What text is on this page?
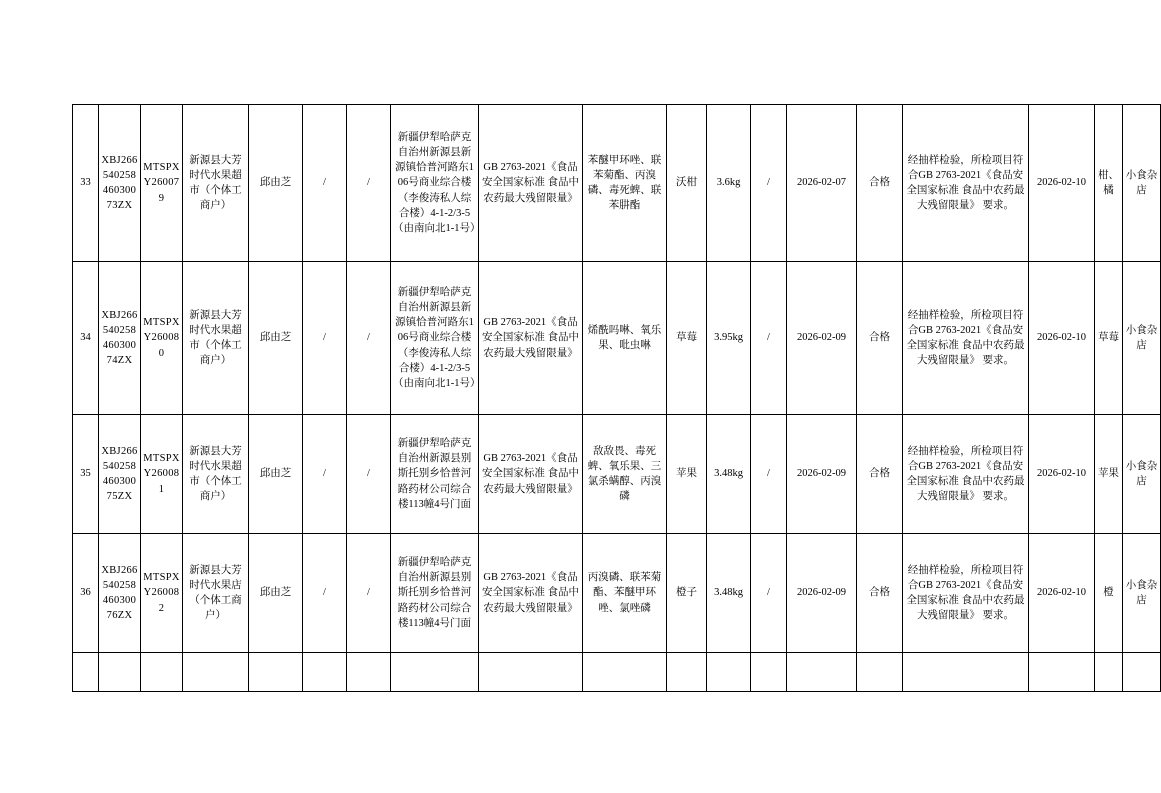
33	XBJ26654025846030073ZX	MTSPXY260079	新源县大芳时代水果超市（个体工商户）	邱由芝	/	/	新疆伊犁哈萨克自治州新源县新源镇恰普河路东106号商业综合楼（李俊涛私人综合楼）4-1-2/3-5（由南向北1-1号）	GB 2763-2021《食品安全国家标准 食品中农药最大残留限量》	苯醚甲环唑、联苯菊酯、丙溴磷、毒死蜱、联苯肼酯	沃柑	3.6kg	/	2026-02-07	合格	经抽样检验，所检项目符合GB 2763-2021《食品安全国家标准 食品中农药最大残留限量》 要求。	2026-02-10	柑、橘	小食杂店
34	XBJ26654025846030074ZX	MTSPXY260080	新源县大芳时代水果超市（个体工商户）	邱由芝	/	/	新疆伊犁哈萨克自治州新源县新源镇恰普河路东106号商业综合楼（李俊涛私人综合楼）4-1-2/3-5（由南向北1-1号）	GB 2763-2021《食品安全国家标准 食品中农药最大残留限量》	烯酰吗啉、氧乐果、吡虫啉	草莓	3.95kg	/	2026-02-09	合格	经抽样检验，所检项目符合GB 2763-2021《食品安全国家标准 食品中农药最大残留限量》 要求。	2026-02-10	草莓	小食杂店
35	XBJ26654025846030075ZX	MTSPXY260081	新源县大芳时代水果超市（个体工商户）	邱由芝	/	/	新疆伊犁哈萨克自治州新源县别斯托别乡恰普河路药材公司综合楼113幢4号门面	GB 2763-2021《食品安全国家标准 食品中农药最大残留限量》	敌敌畏、毒死蜱、氧乐果、三氯杀螨醇、丙溴磷	苹果	3.48kg	/	2026-02-09	合格	经抽样检验，所检项目符合GB 2763-2021《食品安全国家标准 食品中农药最大残留限量》 要求。	2026-02-10	苹果	小食杂店
36	XBJ26654025846030076ZX	MTSPXY260082	新源县大芳时代水果店（个体工商户）	邱由芝	/	/	新疆伊犁哈萨克自治州新源县别斯托别乡恰普河路药材公司综合楼113幢4号门面	GB 2763-2021《食品安全国家标准 食品中农药最大残留限量》	丙溴磷、联苯菊酯、苯醚甲环唑、氯唑磷	橙子	3.48kg	/	2026-02-09	合格	经抽样检验，所检项目符合GB 2763-2021《食品安全国家标准 食品中农药最大残留限量》 要求。	2026-02-10	橙	小食杂店
